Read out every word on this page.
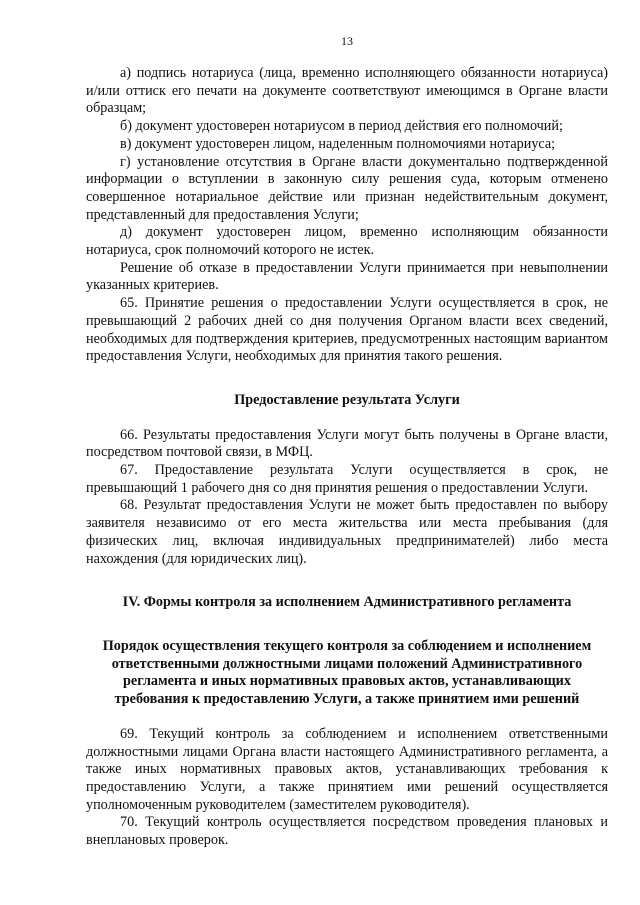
13

а) подпись нотариуса (лица, временно исполняющего обязанности нотариуса) и/или оттиск его печати на документе соответствуют имеющимся в Органе власти образцам;

б) документ удостоверен нотариусом в период действия его полномочий;

в) документ удостоверен лицом, наделенным полномочиями нотариуса;

г) установление отсутствия в Органе власти документально подтвержденной информации о вступлении в законную силу решения суда, которым отменено совершенное нотариальное действие или признан недействительным документ, представленный для предоставления Услуги;

д) документ удостоверен лицом, временно исполняющим обязанности нотариуса, срок полномочий которого не истек.

Решение об отказе в предоставлении Услуги принимается при невыполнении указанных критериев.

65. Принятие решения о предоставлении Услуги осуществляется в срок, не превышающий 2 рабочих дней со дня получения Органом власти всех сведений, необходимых для подтверждения критериев, предусмотренных настоящим вариантом предоставления Услуги, необходимых для принятия такого решения.

Предоставление результата Услуги

66. Результаты предоставления Услуги могут быть получены в Органе власти, посредством почтовой связи, в МФЦ.

67. Предоставление результата Услуги осуществляется в срок, не превышающий 1 рабочего дня со дня принятия решения о предоставлении Услуги.

68. Результат предоставления Услуги не может быть предоставлен по выбору заявителя независимо от его места жительства или места пребывания (для физических лиц, включая индивидуальных предпринимателей) либо места нахождения (для юридических лиц).

IV. Формы контроля за исполнением Административного регламента
Порядок осуществления текущего контроля за соблюдением и исполнением ответственными должностными лицами положений Административного регламента и иных нормативных правовых актов, устанавливающих требования к предоставлению Услуги, а также принятием ими решений

69. Текущий контроль за соблюдением и исполнением ответственными должностными лицами Органа власти настоящего Административного регламента, а также иных нормативных правовых актов, устанавливающих требования к предоставлению Услуги, а также принятием ими решений осуществляется уполномоченным руководителем (заместителем руководителя).

70. Текущий контроль осуществляется посредством проведения плановых и внеплановых проверок.
